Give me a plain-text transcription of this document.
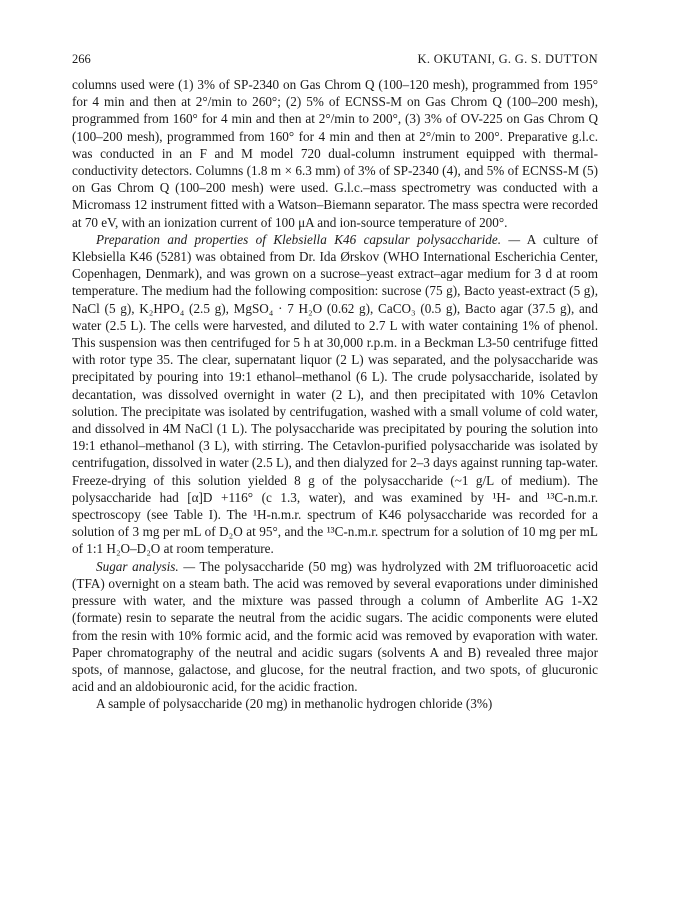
266	K. OKUTANI, G. G. S. DUTTON

columns used were (1) 3% of SP-2340 on Gas Chrom Q (100–120 mesh), programmed from 195° for 4 min and then at 2°/min to 260°; (2) 5% of ECNSS-M on Gas Chrom Q (100–200 mesh), programmed from 160° for 4 min and then at 2°/min to 200°, (3) 3% of OV-225 on Gas Chrom Q (100–200 mesh), programmed from 160° for 4 min and then at 2°/min to 200°. Preparative g.l.c. was conducted in an F and M model 720 dual-column instrument equipped with thermal-conductivity detectors. Columns (1.8 m × 6.3 mm) of 3% of SP-2340 (4), and 5% of ECNSS-M (5) on Gas Chrom Q (100–200 mesh) were used. G.l.c.–mass spectrometry was conducted with a Micromass 12 instrument fitted with a Watson–Biemann separator. The mass spectra were recorded at 70 eV, with an ionization current of 100 μA and ion-source temperature of 200°.

Preparation and properties of Klebsiella K46 capsular polysaccharide. — A culture of Klebsiella K46 (5281) was obtained from Dr. Ida Ørskov (WHO International Escherichia Center, Copenhagen, Denmark), and was grown on a sucrose–yeast extract–agar medium for 3 d at room temperature. The medium had the following composition: sucrose (75 g), Bacto yeast-extract (5 g), NaCl (5 g), K₂HPO₄ (2.5 g), MgSO₄ · 7 H₂O (0.62 g), CaCO₃ (0.5 g), Bacto agar (37.5 g), and water (2.5 L). The cells were harvested, and diluted to 2.7 L with water containing 1% of phenol. This suspension was then centrifuged for 5 h at 30,000 r.p.m. in a Beckman L3-50 centrifuge fitted with rotor type 35. The clear, supernatant liquor (2 L) was separated, and the polysaccharide was precipitated by pouring into 19:1 ethanol–methanol (6 L). The crude polysaccharide, isolated by decantation, was dissolved overnight in water (2 L), and then precipitated with 10% Cetavlon solution. The precipitate was isolated by centrifugation, washed with a small volume of cold water, and dissolved in 4M NaCl (1 L). The polysaccharide was precipitated by pouring the solution into 19:1 ethanol–methanol (3 L), with stirring. The Cetavlon-purified polysaccharide was isolated by centrifugation, dissolved in water (2.5 L), and then dialyzed for 2–3 days against running tap-water. Freeze-drying of this solution yielded 8 g of the polysaccharide (~1 g/L of medium). The polysaccharide had [α]D +116° (c 1.3, water), and was examined by ¹H- and ¹³C-n.m.r. spectroscopy (see Table I). The ¹H-n.m.r. spectrum of K46 polysaccharide was recorded for a solution of 3 mg per mL of D₂O at 95°, and the ¹³C-n.m.r. spectrum for a solution of 10 mg per mL of 1:1 H₂O–D₂O at room temperature.

Sugar analysis. — The polysaccharide (50 mg) was hydrolyzed with 2M trifluoroacetic acid (TFA) overnight on a steam bath. The acid was removed by several evaporations under diminished pressure with water, and the mixture was passed through a column of Amberlite AG 1-X2 (formate) resin to separate the neutral from the acidic sugars. The acidic components were eluted from the resin with 10% formic acid, and the formic acid was removed by evaporation with water. Paper chromatography of the neutral and acidic sugars (solvents A and B) revealed three major spots, of mannose, galactose, and glucose, for the neutral fraction, and two spots, of glucuronic acid and an aldobiouronic acid, for the acidic fraction.

A sample of polysaccharide (20 mg) in methanolic hydrogen chloride (3%)
